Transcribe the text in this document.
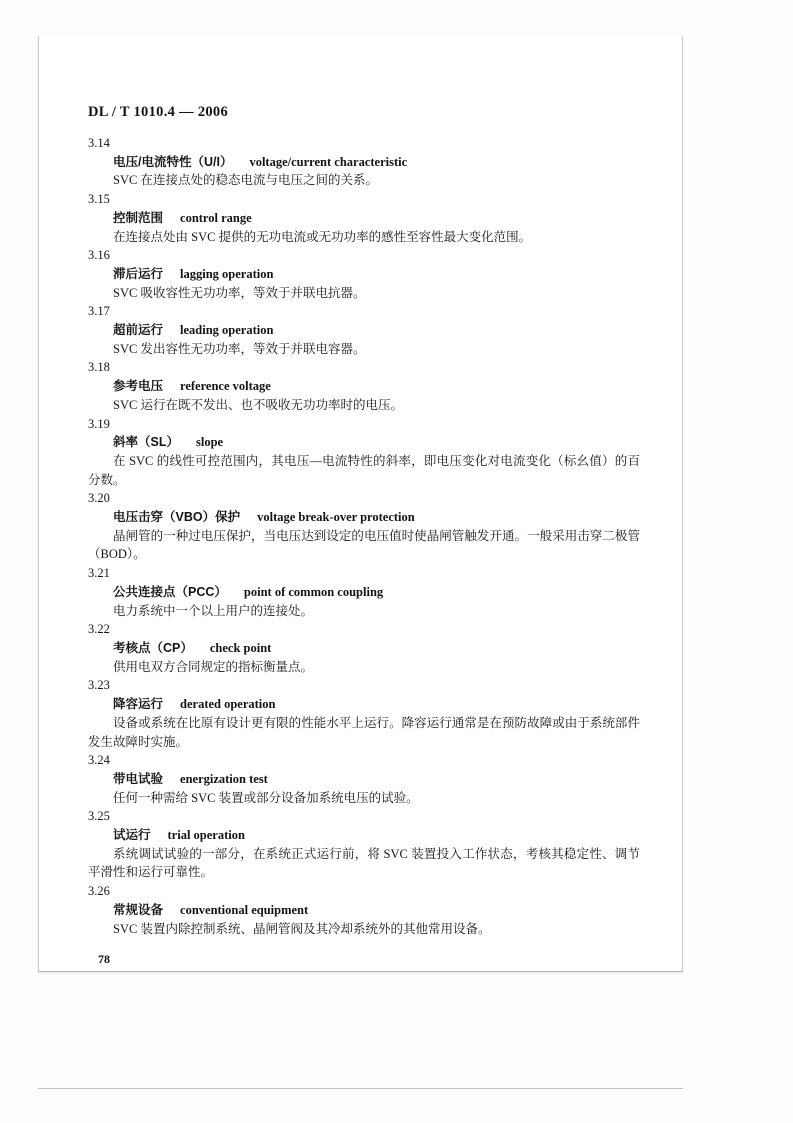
DL / T 1010.4 — 2006
3.14
电压/电流特性（U/I） voltage/current characteristic

SVC 在连接点处的稳态电流与电压之间的关系。

3.15
控制范围 control range

在连接点处由 SVC 提供的无功电流或无功功率的感性至容性最大变化范围。

3.16
滞后运行 lagging operation

SVC 吸收容性无功功率，等效于并联电抗器。

3.17
超前运行 leading operation

SVC 发出容性无功功率，等效于并联电容器。

3.18
参考电压 reference voltage

SVC 运行在既不发出、也不吸收无功功率时的电压。

3.19
斜率（SL） slope

在 SVC 的线性可控范围内，其电压—电流特性的斜率，即电压变化对电流变化（标幺值）的百分数。

3.20
电压击穿（VBO）保护 voltage break-over protection

晶闸管的一种过电压保护，当电压达到设定的电压值时使晶闸管触发开通。一般采用击穿二极管（BOD）。

3.21
公共连接点（PCC） point of common coupling

电力系统中一个以上用户的连接处。

3.22
考核点（CP） check point

供用电双方合同规定的指标衡量点。

3.23
降容运行 derated operation

设备或系统在比原有设计更有限的性能水平上运行。降容运行通常是在预防故障或由于系统部件发生故障时实施。

3.24
带电试验 energization test

任何一种需给 SVC 装置或部分设备加系统电压的试验。

3.25
试运行 trial operation

系统调试试验的一部分，在系统正式运行前，将 SVC 装置投入工作状态，考核其稳定性、调节平滑性和运行可靠性。

3.26
常规设备 conventional equipment

SVC 装置内除控制系统、晶闸管阀及其冷却系统外的其他常用设备。

78
